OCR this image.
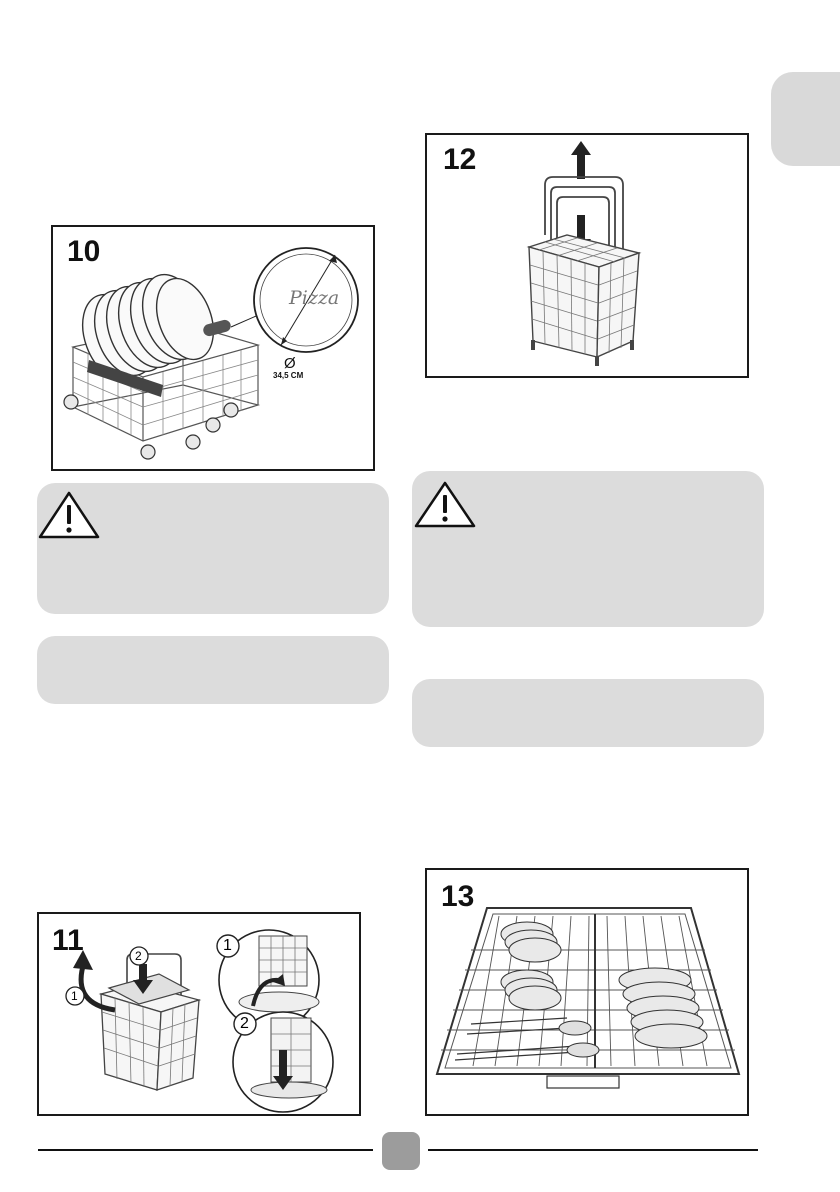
10
Pizza
Ø
34,5 CM
12
11
1
2
1
2
13
